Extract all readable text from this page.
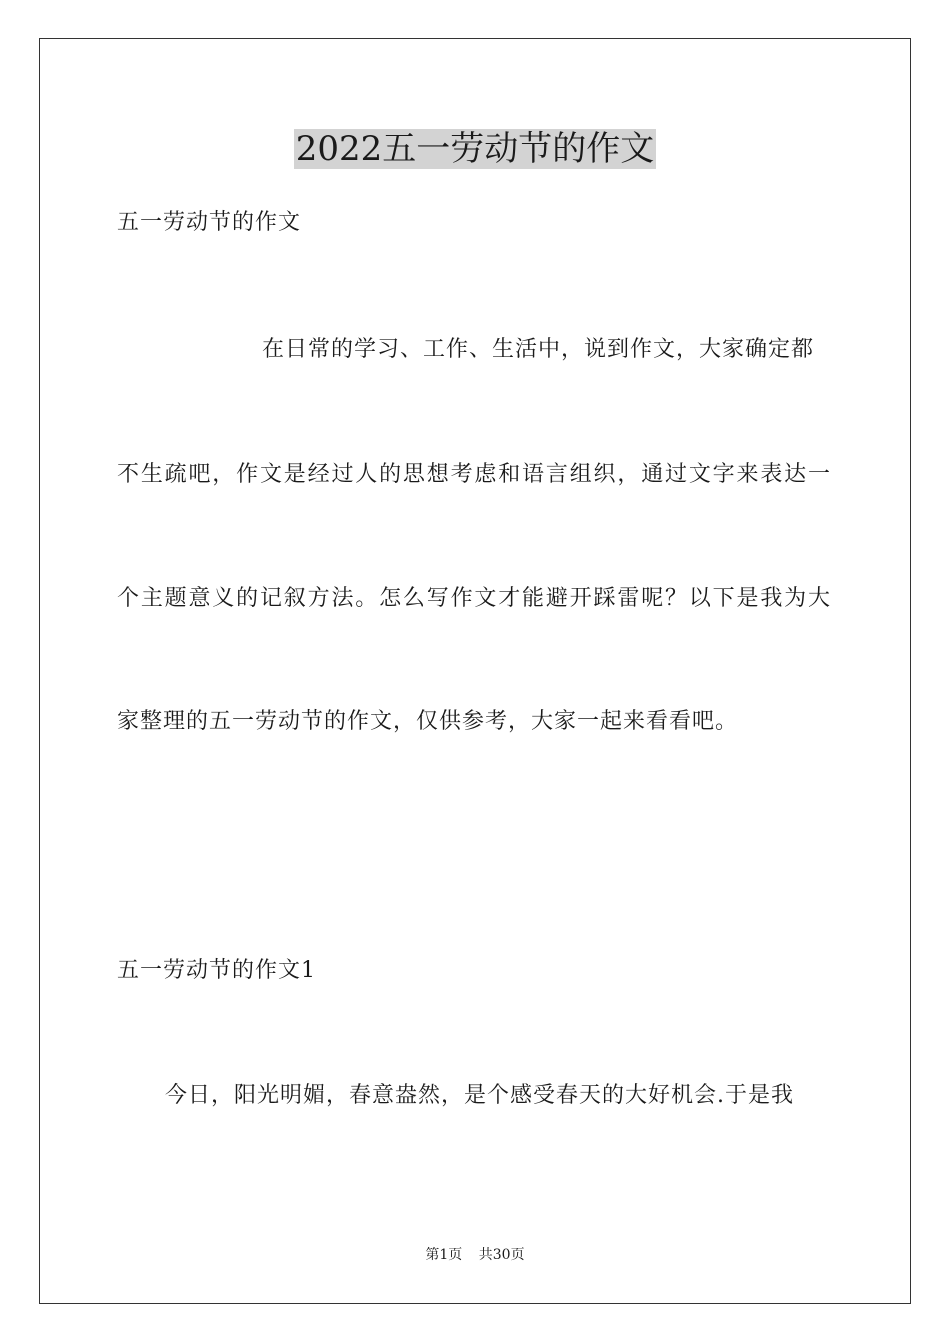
2022五一劳动节的作文
五一劳动节的作文
在日常的学习、工作、生活中，说到作文，大家确定都
不生疏吧，作文是经过人的思想考虑和语言组织，通过文字来表达一
个主题意义的记叙方法。怎么写作文才能避开踩雷呢？以下是我为大
家整理的五一劳动节的作文，仅供参考，大家一起来看看吧。
五一劳动节的作文1
今日，阳光明媚，春意盎然，是个感受春天的大好机会.于是我
第1页 共30页
